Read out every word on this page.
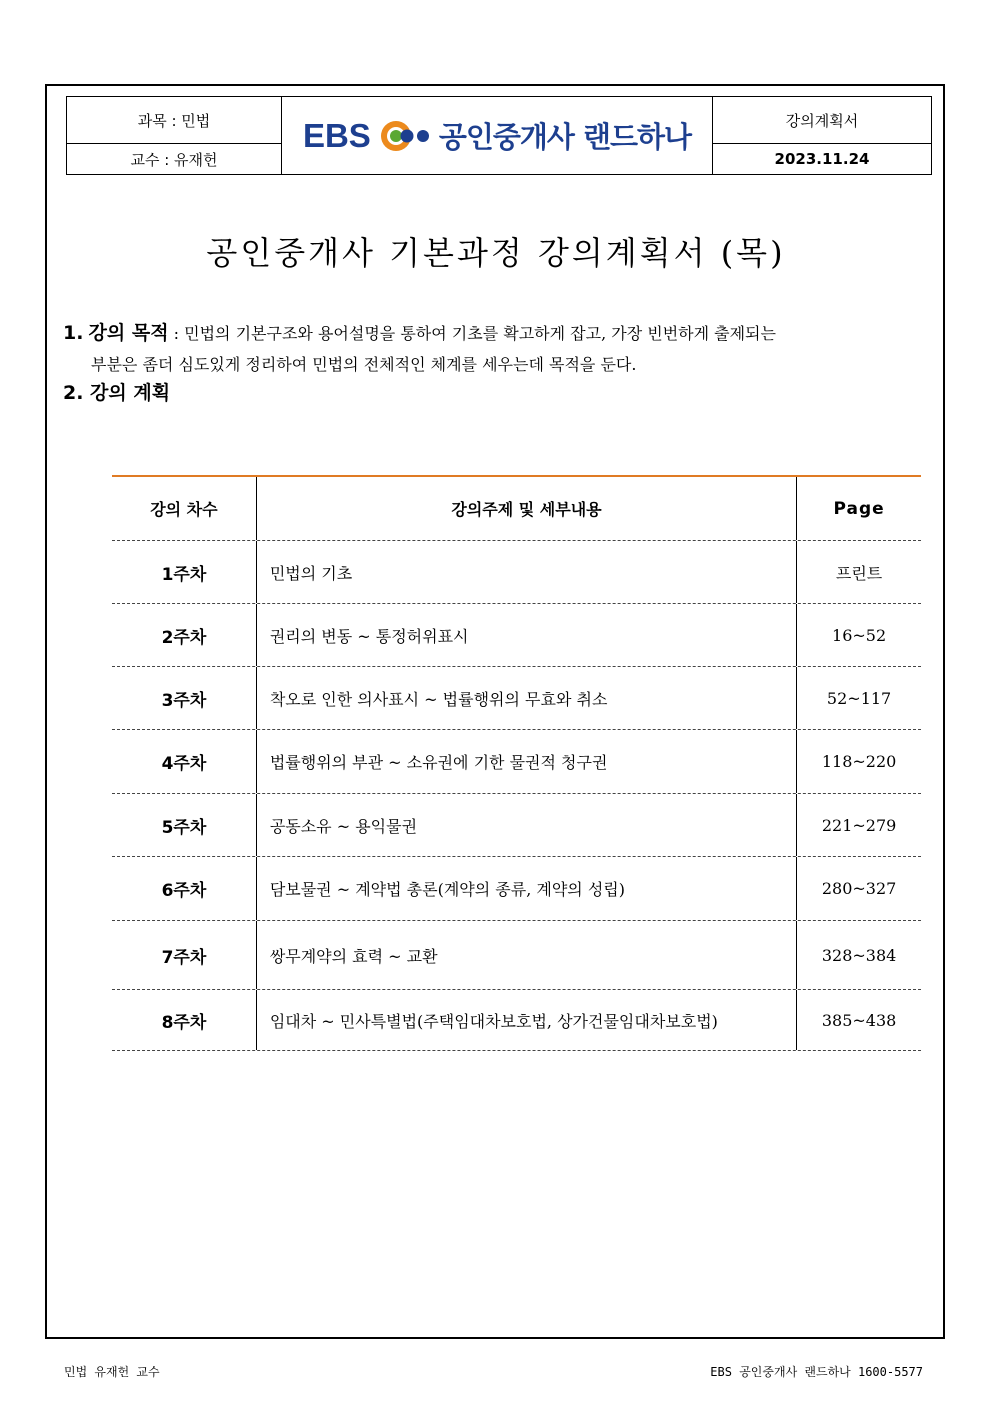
과목 : 민법
교수 : 유재헌
EBS 공인중개사 랜드하나	강의계획서
2023.11.24
공인중개사 기본과정 강의계획서 (목)
1. 강의 목적 : 민법의 기본구조와 용어설명을 통하여 기초를 확고하게 잡고, 가장 빈번하게 출제되는
부분은 좀더 심도있게 정리하여 민법의 전체적인 체계를 세우는데 목적을 둔다.
2. 강의 계획
강의 차수	강의주제 및 세부내용	Page
1주차	민법의 기초	프린트
2주차	권리의 변동 ~ 통정허위표시	16~52
3주차	착오로 인한 의사표시 ~ 법률행위의 무효와 취소	52~117
4주차	법률행위의 부관 ~ 소유권에 기한 물권적 청구권	118~220
5주차	공동소유 ~ 용익물권	221~279
6주차	담보물권 ~ 계약법 총론(계약의 종류, 계약의 성립)	280~327
7주차	쌍무계약의 효력 ~ 교환	328~384
8주차	임대차 ~ 민사특별법(주택임대차보호법, 상가건물임대차보호법)	385~438
민법 유재헌 교수	EBS 공인중개사 랜드하나 1600-5577
